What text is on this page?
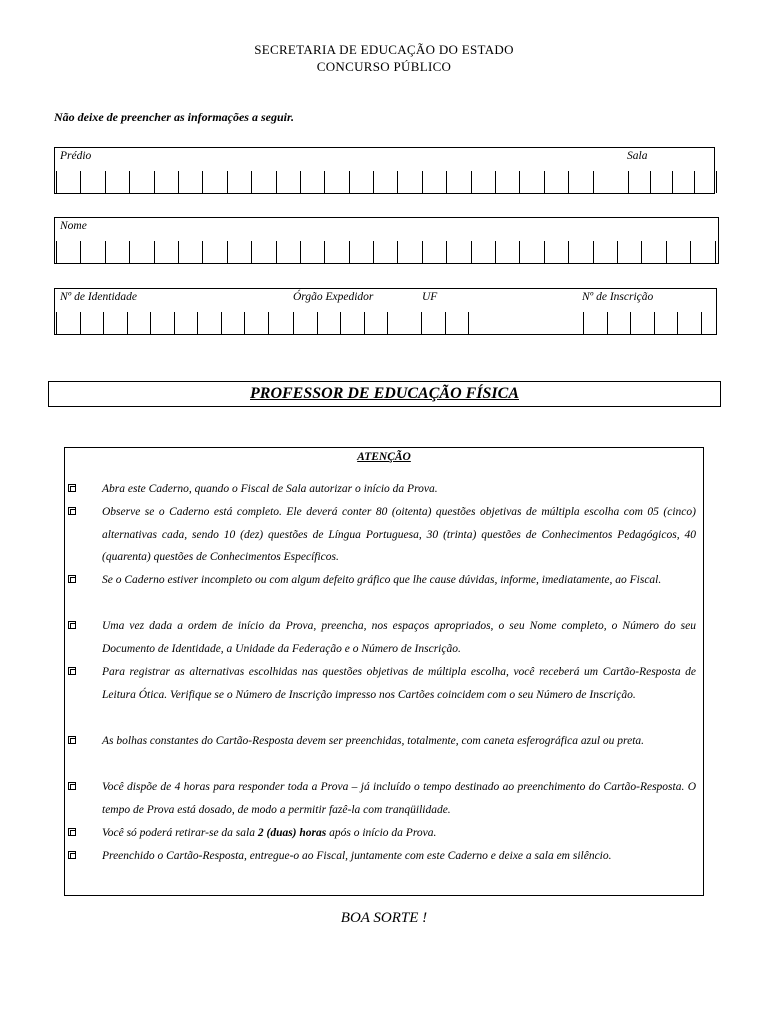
SECRETARIA DE EDUCAÇÃO DO ESTADO
CONCURSO PÚBLICO
Não deixe de preencher as informações a seguir.
Prédio	Sala
Nome
Nº de Identidade	Órgão Expedidor	UF	Nº de Inscrição
PROFESSOR DE EDUCAÇÃO FÍSICA
ATENÇÃO
Abra este Caderno, quando o Fiscal de Sala autorizar o início da Prova.
Observe se o Caderno está completo. Ele deverá conter 80 (oitenta) questões objetivas de múltipla escolha com 05 (cinco) alternativas cada, sendo 10 (dez) questões de Língua Portuguesa, 30 (trinta) questões de Conhecimentos Pedagógicos, 40 (quarenta) questões de Conhecimentos Específicos.
Se o Caderno estiver incompleto ou com algum defeito gráfico que lhe cause dúvidas, informe, imediatamente, ao Fiscal.
Uma vez dada a ordem de início da Prova, preencha, nos espaços apropriados, o seu Nome completo, o Número do seu Documento de Identidade, a Unidade da Federação e o Número de Inscrição.
Para registrar as alternativas escolhidas nas questões objetivas de múltipla escolha, você receberá um Cartão-Resposta de Leitura Ótica. Verifique se o Número de Inscrição impresso nos Cartões coincidem com o seu Número de Inscrição.
As bolhas constantes do Cartão-Resposta devem ser preenchidas, totalmente, com caneta esferográfica azul ou preta.
Você dispõe de 4 horas para responder toda a Prova – já incluído o tempo destinado ao preenchimento do Cartão-Resposta. O tempo de Prova está dosado, de modo a permitir fazê-la com tranqüilidade.
Você só poderá retirar-se da sala 2 (duas) horas após o início da Prova.
Preenchido o Cartão-Resposta, entregue-o ao Fiscal, juntamente com este Caderno e deixe a sala em silêncio.
BOA SORTE !
